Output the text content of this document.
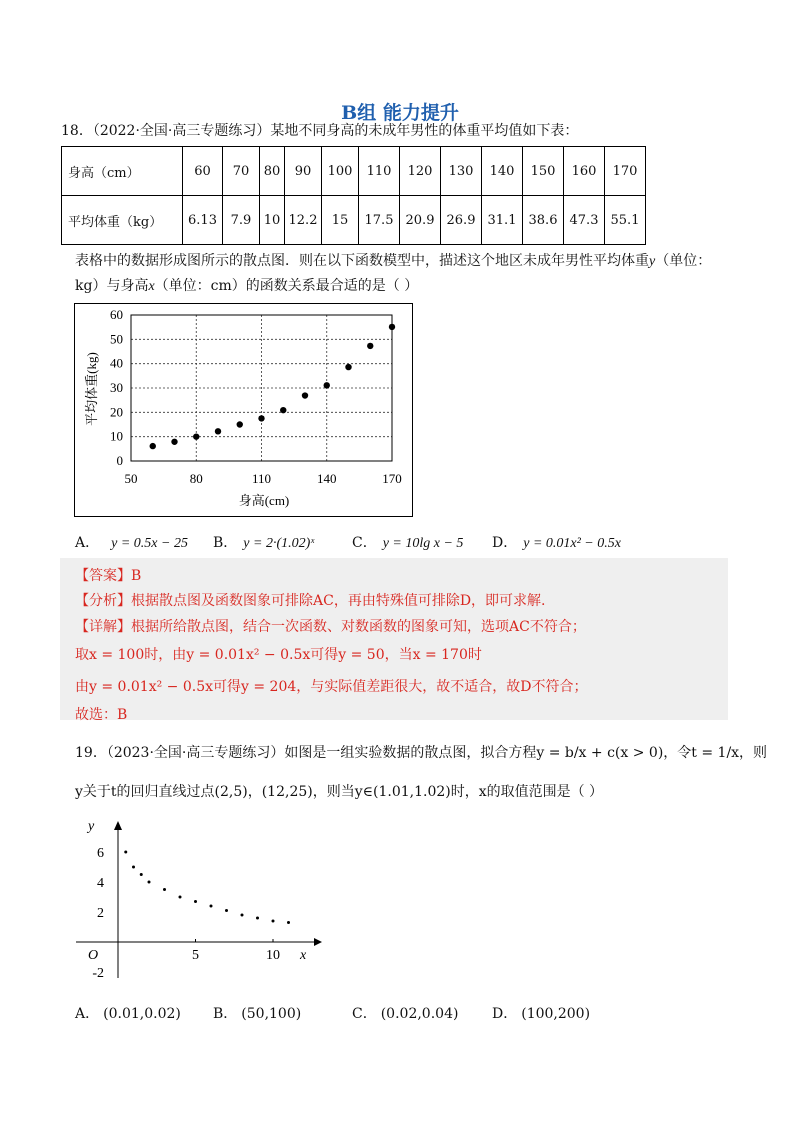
B组 能力提升
18．（2022·全国·高三专题练习）某地不同身高的未成年男性的体重平均值如下表：
身高（cm）	60	70	80	90	100	110	120	130	140	150	160	170
平均体重（kg）	6.13	7.9	10	12.2	15	17.5	20.9	26.9	31.1	38.6	47.3	55.1
表格中的数据形成图所示的散点图．则在以下函数模型中，描述这个地区未成年男性平均体重y（单位：
kg）与身高x（单位：cm）的函数关系最合适的是（ ）
0
10
20
30
40
50
60
50	80	110	140	170
身高(cm)
平均体重(kg)
A． y = 0.5x − 25 B． y = 2·(1.02)ˣ	C． y = 10lg x − 5 D． y = 0.01x² − 0.5x
【答案】B
【分析】根据散点图及函数图象可排除AC，再由特殊值可排除D，即可求解.
【详解】根据所给散点图，结合一次函数、对数函数的图象可知，选项AC不符合；
取x = 100时，由y = 0.01x² − 0.5x可得y = 50，当x = 170时
由y = 0.01x² − 0.5x可得y = 204，与实际值差距很大，故不适合，故D不符合；
故选：B
19．（2023·全国·高三专题练习）如图是一组实验数据的散点图，拟合方程y = b/x + c(x > 0)，令t = 1/x，则
y关于t的回归直线过点(2,5)，(12,25)，则当y∈(1.01,1.02)时，x的取值范围是（ ）
6
4
2
-2
5	10
y
x
O
A． (0.01,0.02) B． (50,100)	C． (0.02,0.04) D． (100,200)
